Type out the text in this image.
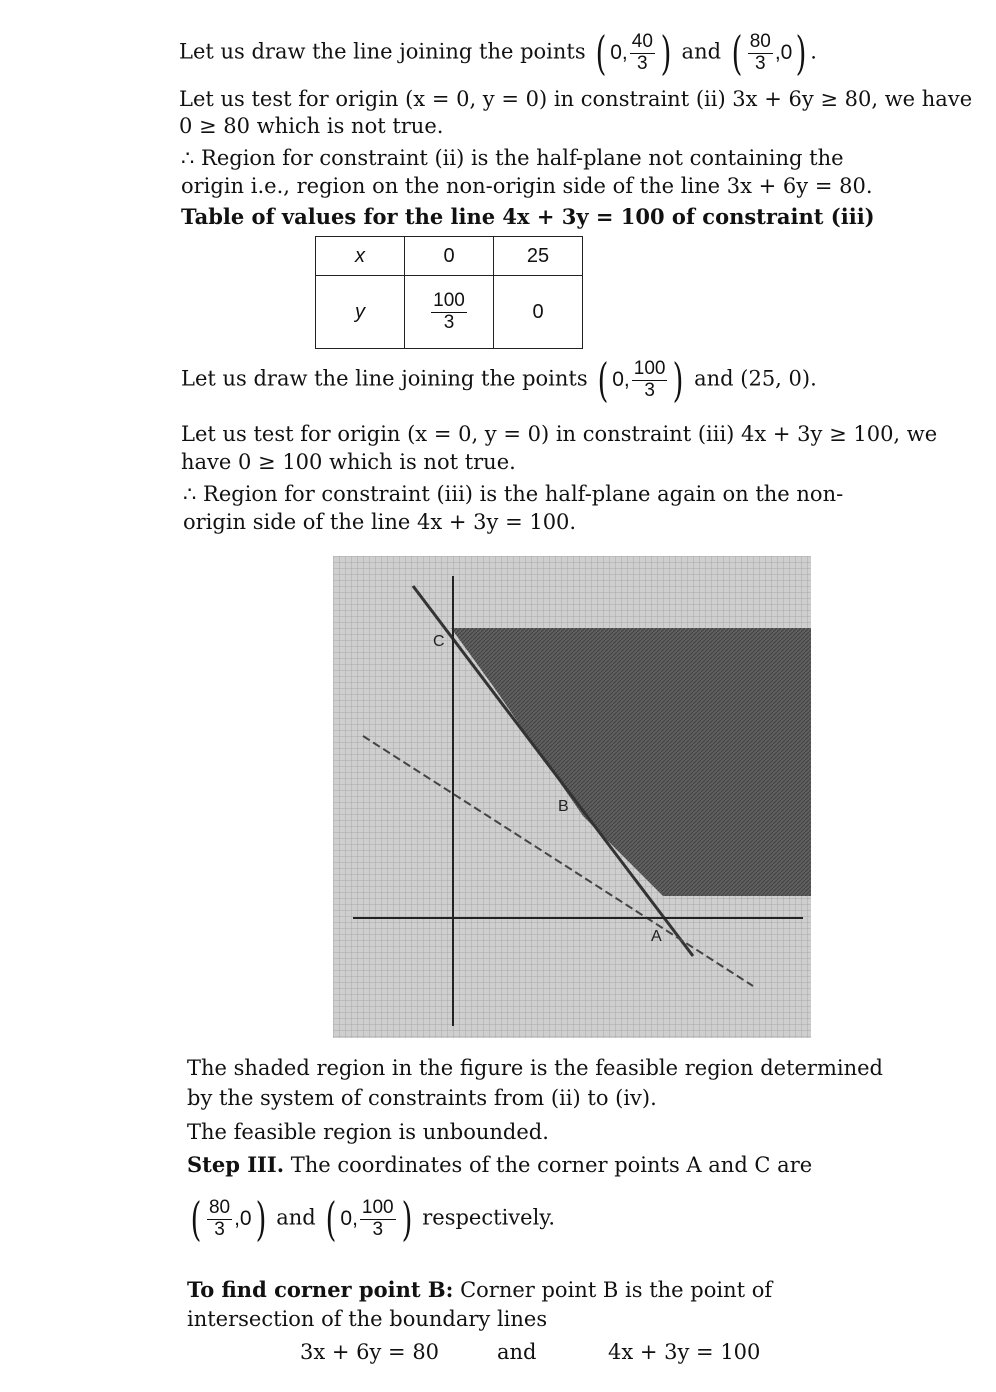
Let us draw the line joining the points ( 0, $\frac{40}{3}$ ) and ( $\frac{80}{3} ,0$ ) .
Let us test for origin (x = 0, y = 0) in constraint (ii) 3x + 6y ≥ 80, we have
0 ≥ 80 which is not true.
∴ Region for constraint (ii) is the half-plane not containing the
origin i.e., region on the non-origin side of the line 3x + 6y = 80.
Table of values for the line 4x + 3y = 100 of constraint (iii)
x	0	25
y	$\frac{100}{3}$	0
Let us draw the line joining the points ( 0, $\frac{100}{3}$ ) and (25, 0).
Let us test for origin (x = 0, y = 0) in constraint (iii) 4x + 3y ≥ 100, we
have 0 ≥ 100 which is not true.
∴ Region for constraint (iii) is the half-plane again on the non-
origin side of the line 4x + 3y = 100.
A
B
C
The shaded region in the figure is the feasible region determined
by the system of constraints from (ii) to (iv).
The feasible region is unbounded.
Step III. The coordinates of the corner points A and C are
( $\frac{80}{3} ,0$ ) and ( 0, $\frac{100}{3}$ ) respectively.
To find corner point B: Corner point B is the point of
intersection of the boundary lines
3x + 6y = 80	and	4x + 3y = 100
